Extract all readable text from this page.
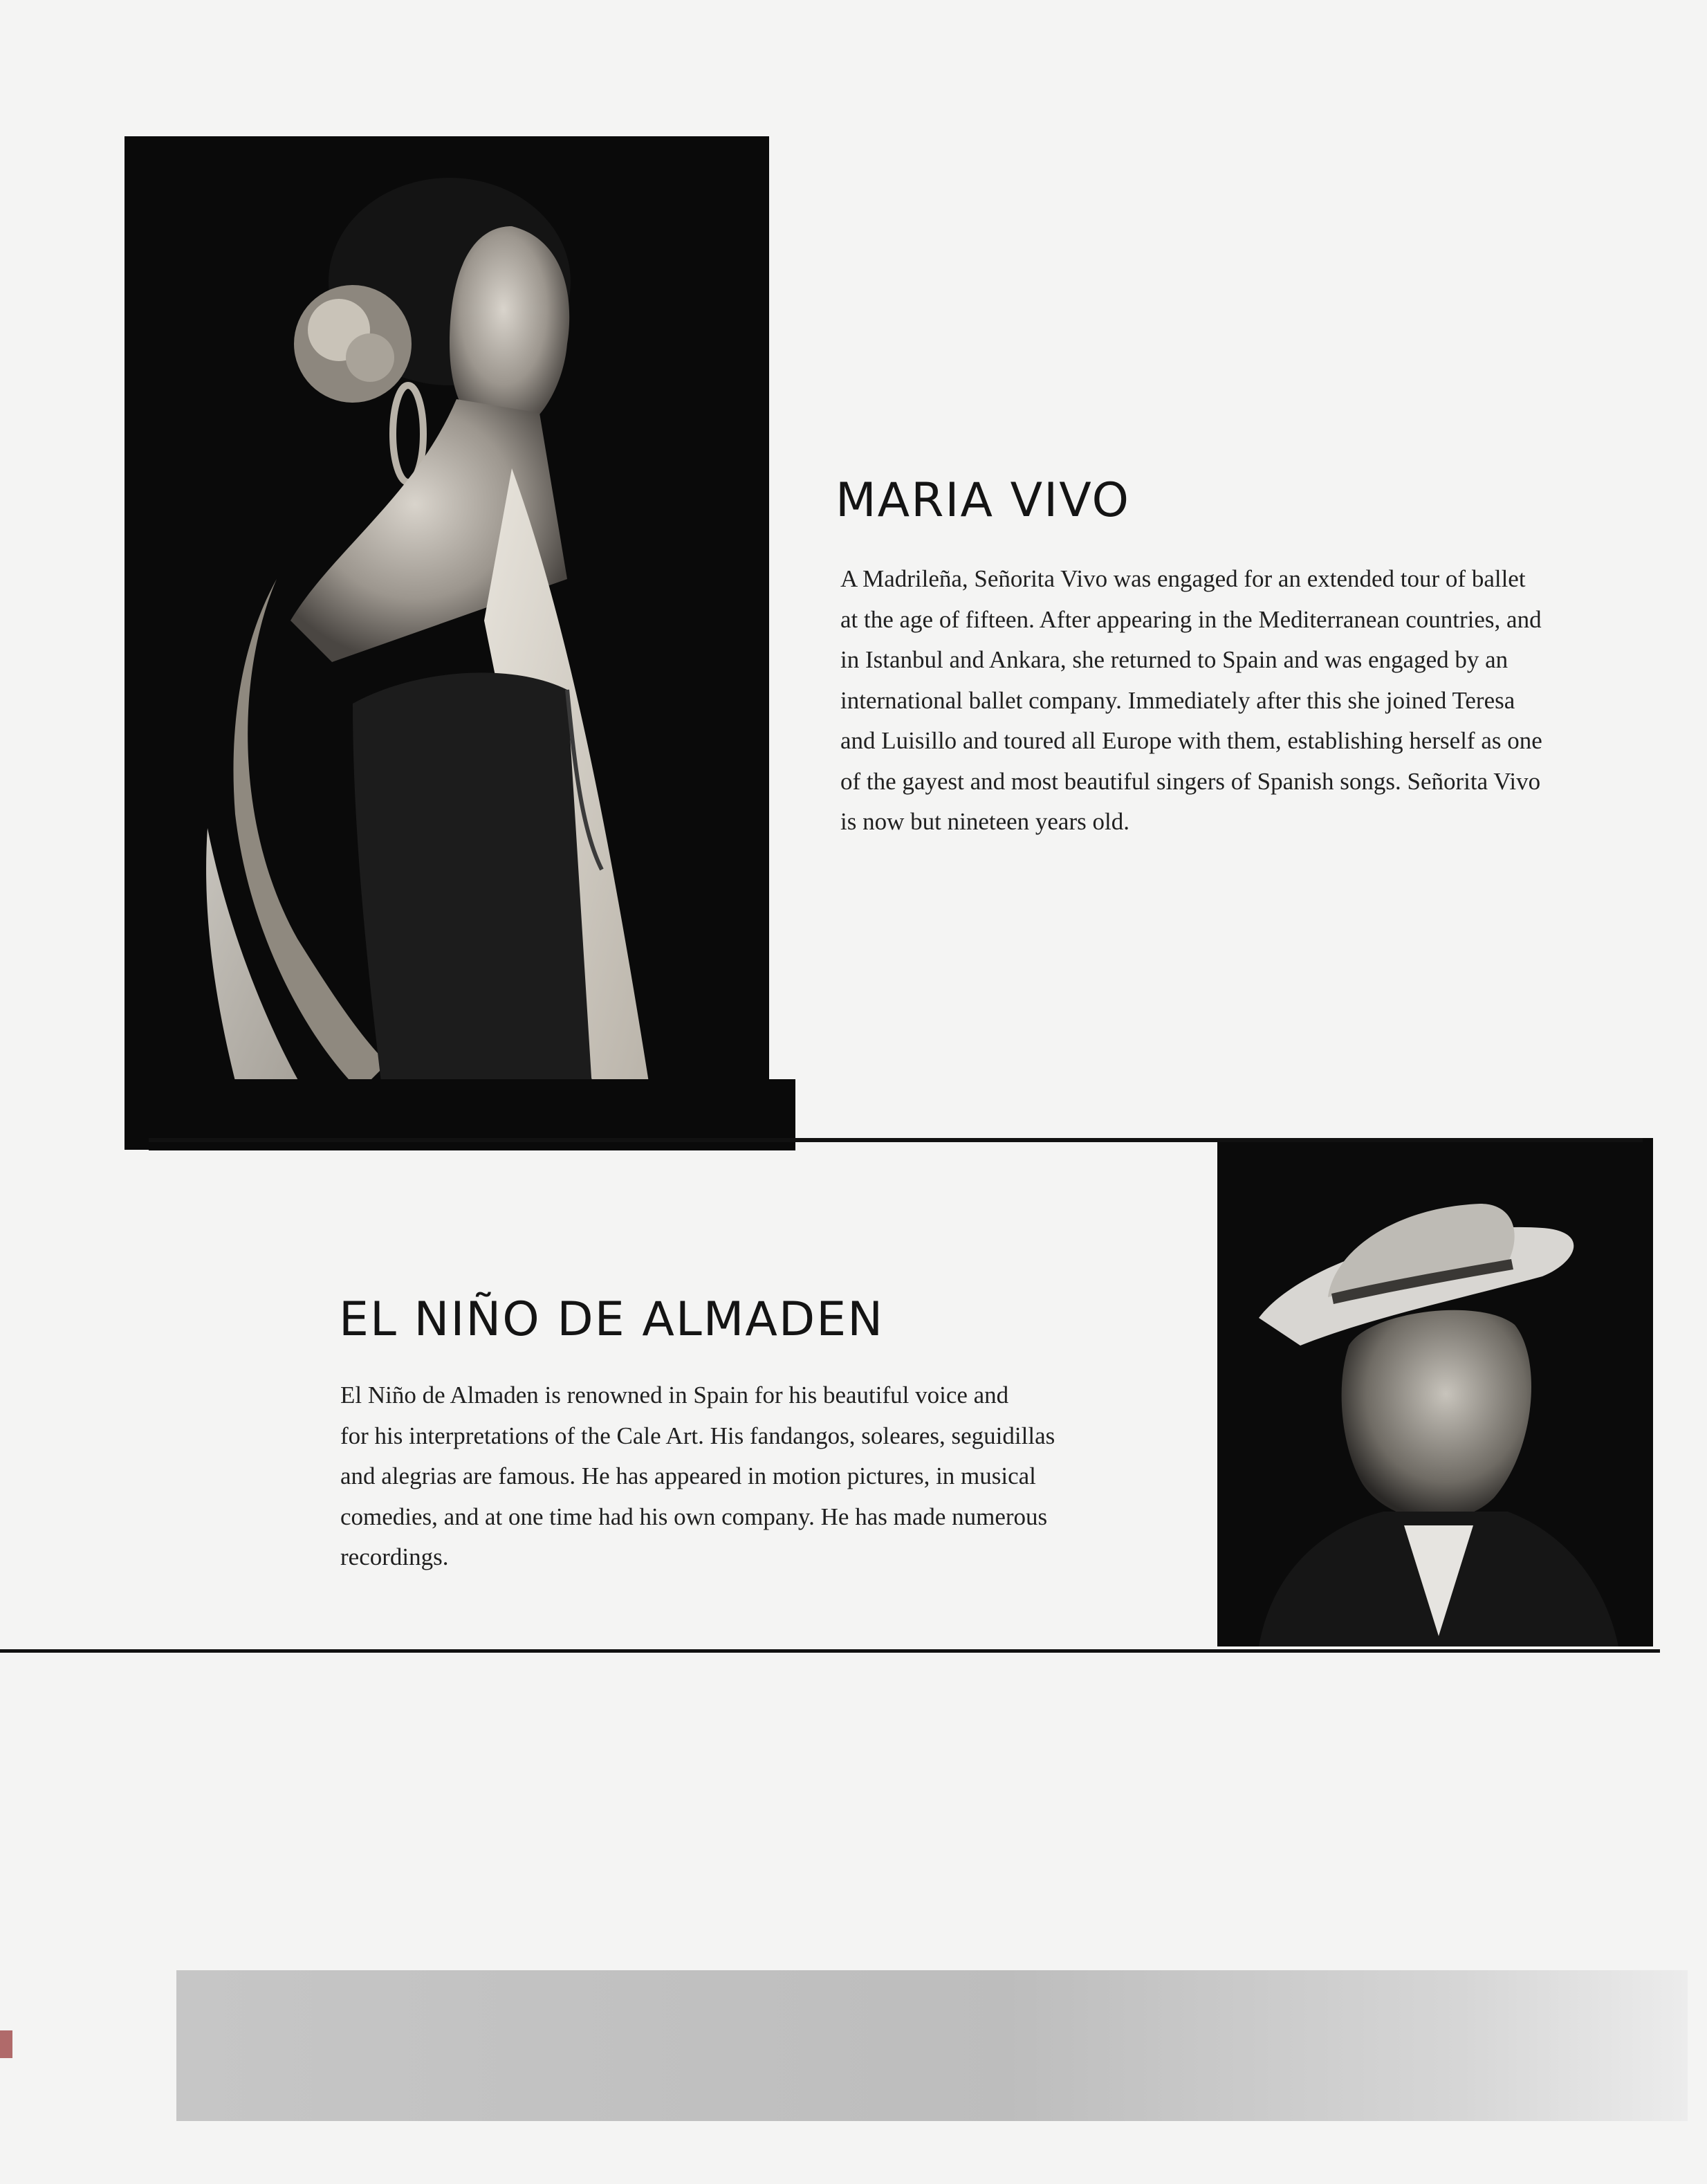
MARIA VIVO

A Madrileña, Señorita Vivo was engaged for an extended tour of ballet
at the age of fifteen. After appearing in the Mediterranean countries, and
in Istanbul and Ankara, she returned to Spain and was engaged by an
international ballet company. Immediately after this she joined Teresa
and Luisillo and toured all Europe with them, establishing herself as one
of the gayest and most beautiful singers of Spanish songs. Señorita Vivo
is now but nineteen years old.

EL NIÑO DE ALMADEN

El Niño de Almaden is renowned in Spain for his beautiful voice and
for his interpretations of the Cale Art. His fandangos, soleares, seguidillas
and alegrias are famous. He has appeared in motion pictures, in musical
comedies, and at one time had his own company. He has made numerous
recordings.
